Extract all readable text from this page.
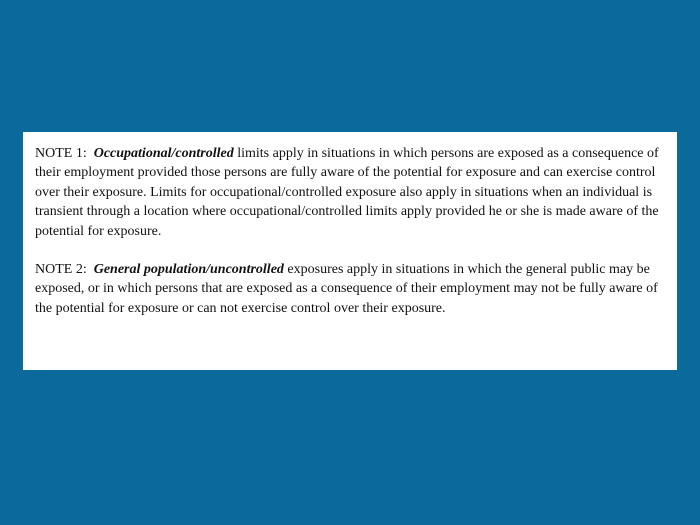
NOTE 1: Occupational/controlled limits apply in situations in which persons are exposed as a consequence of their employment provided those persons are fully aware of the potential for exposure and can exercise control over their exposure. Limits for occupational/controlled exposure also apply in situations when an individual is transient through a location where occupational/controlled limits apply provided he or she is made aware of the potential for exposure.

NOTE 2: General population/uncontrolled exposures apply in situations in which the general public may be exposed, or in which persons that are exposed as a consequence of their employment may not be fully aware of the potential for exposure or can not exercise control over their exposure.
